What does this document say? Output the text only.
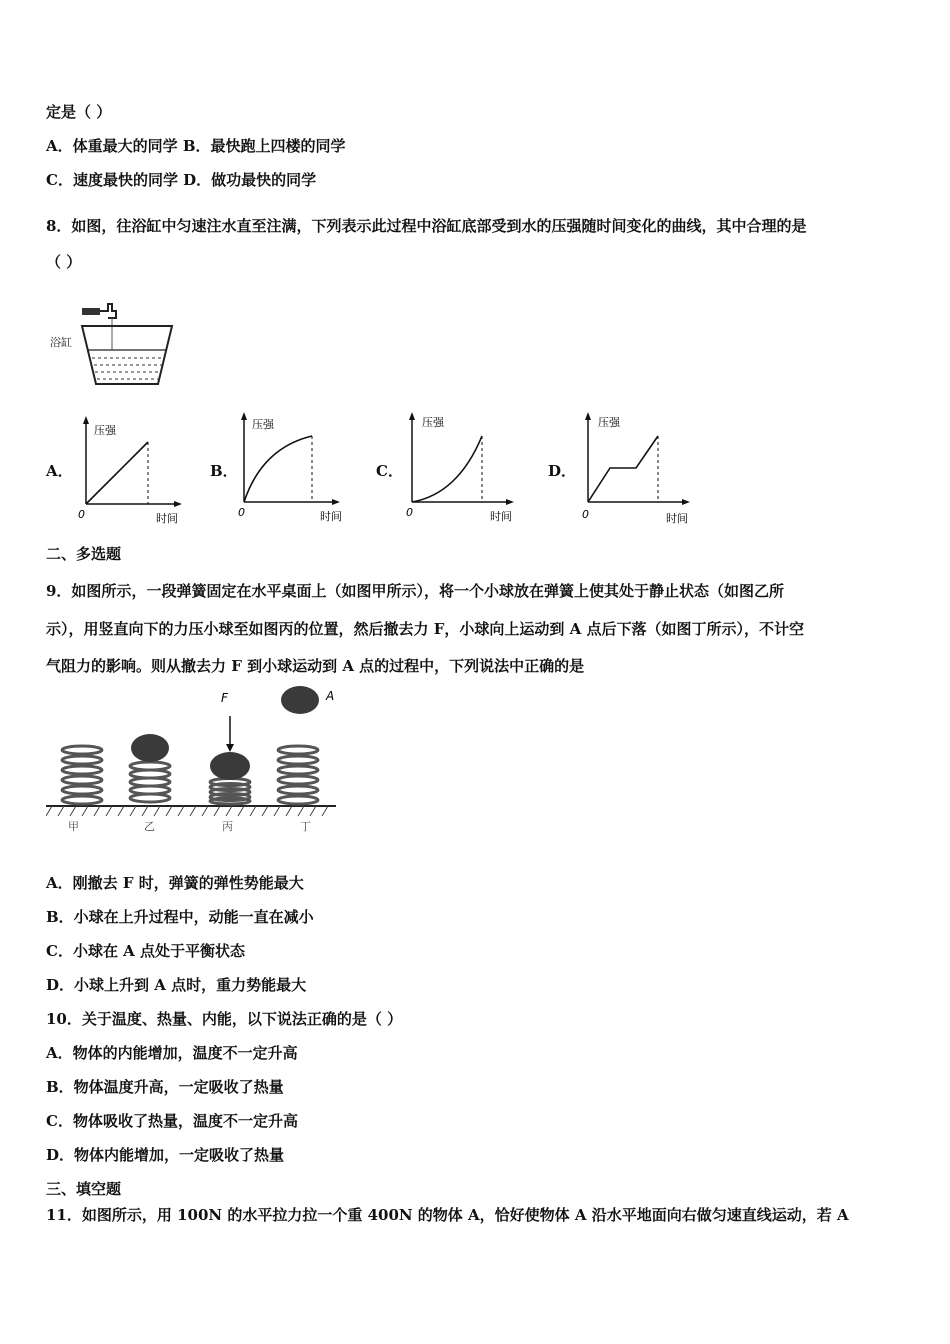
定是（ ）
A．体重最大的同学 B．最快跑上四楼的同学
C．速度最快的同学 D．做功最快的同学
8．如图，往浴缸中匀速注水直至注满，下列表示此过程中浴缸底部受到水的压强随时间变化的曲线，其中合理的是
（ ）
浴缸
A．
压强
时间
0
B．
压强
时间
0
C．
压强
时间
0
D．
压强
时间
0
二、多选题
9．如图所示，一段弹簧固定在水平桌面上（如图甲所示），将一个小球放在弹簧上使其处于静止状态（如图乙所
示），用竖直向下的力压小球至如图丙的位置，然后撤去力 F，小球向上运动到 A 点后下落（如图丁所示），不计空
气阻力的影响。则从撤去力 F 到小球运动到 A 点的过程中，下列说法中正确的是
F	A
甲	乙	丙	丁
A．刚撤去 F 时，弹簧的弹性势能最大
B．小球在上升过程中，动能一直在减小
C．小球在 A 点处于平衡状态
D．小球上升到 A 点时，重力势能最大
10．关于温度、热量、内能，以下说法正确的是（ ）
A．物体的内能增加，温度不一定升高
B．物体温度升高，一定吸收了热量
C．物体吸收了热量，温度不一定升高
D．物体内能增加，一定吸收了热量
三、填空题
11．如图所示，用 100N 的水平拉力拉一个重 400N 的物体 A，恰好使物体 A 沿水平地面向右做匀速直线运动，若 A
